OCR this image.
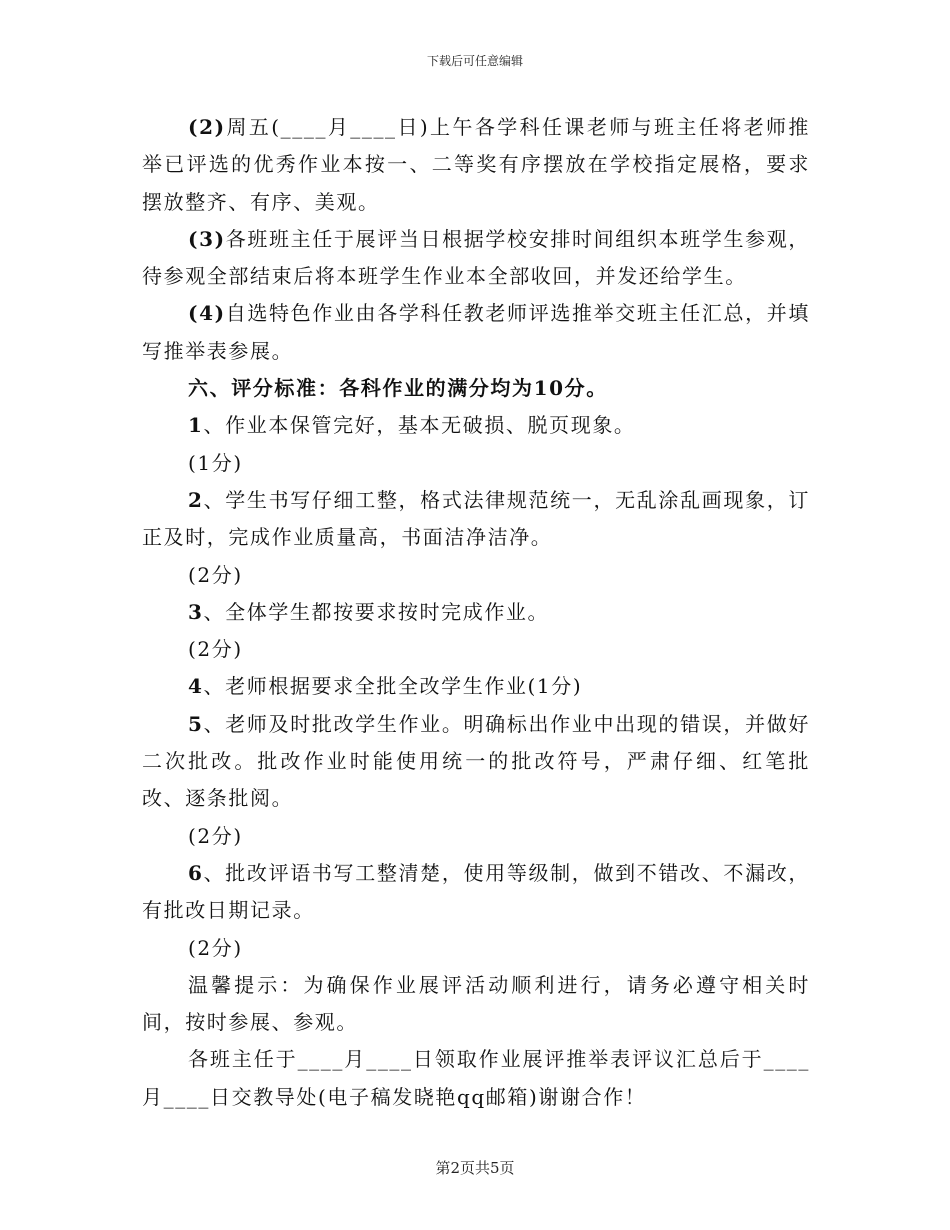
下载后可任意编辑

(2)周五(____月____日)上午各学科任课老师与班主任将老师推举已评选的优秀作业本按一、二等奖有序摆放在学校指定展格，要求摆放整齐、有序、美观。

(3)各班班主任于展评当日根据学校安排时间组织本班学生参观，待参观全部结束后将本班学生作业本全部收回，并发还给学生。

(4)自选特色作业由各学科任教老师评选推举交班主任汇总，并填写推举表参展。

六、评分标准：各科作业的满分均为10分。

1、作业本保管完好，基本无破损、脱页现象。

(1分)

2、学生书写仔细工整，格式法律规范统一，无乱涂乱画现象，订正及时，完成作业质量高，书面洁净洁净。

(2分)

3、全体学生都按要求按时完成作业。

(2分)

4、老师根据要求全批全改学生作业(1分)

5、老师及时批改学生作业。明确标出作业中出现的错误，并做好二次批改。批改作业时能使用统一的批改符号，严肃仔细、红笔批改、逐条批阅。

(2分)

6、批改评语书写工整清楚，使用等级制，做到不错改、不漏改，有批改日期记录。

(2分)

温馨提示：为确保作业展评活动顺利进行，请务必遵守相关时间，按时参展、参观。

各班主任于____月____日领取作业展评推举表评议汇总后于____月____日交教导处(电子稿发晓艳qq邮箱)谢谢合作！

第2页共5页
